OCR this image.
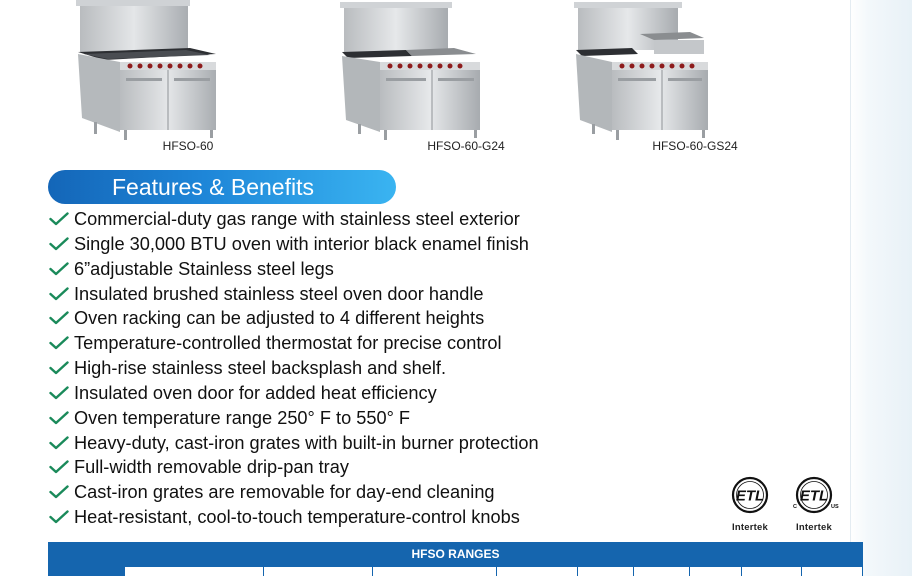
HFSO-60	HFSO-60-G24	HFSO-60-GS24
Features & Benefits
Commercial-duty gas range with stainless steel exterior
Single 30,000 BTU oven with interior black enamel finish
6”adjustable Stainless steel legs
Insulated brushed stainless steel oven door handle
Oven racking can be adjusted to 4 different heights
Temperature-controlled thermostat for precise control
High-rise stainless steel backsplash and shelf.
Insulated oven door for added heat efficiency
Oven temperature range 250° F to 550° F
Heavy-duty, cast-iron grates with built-in burner protection
Full-width removable drip-pan tray
Cast-iron grates are removable for day-end cleaning
Heat-resistant, cool-to-touch temperature-control knobs
ETL
Intertek
ETL
C	US
Intertek
HFSO RANGES
